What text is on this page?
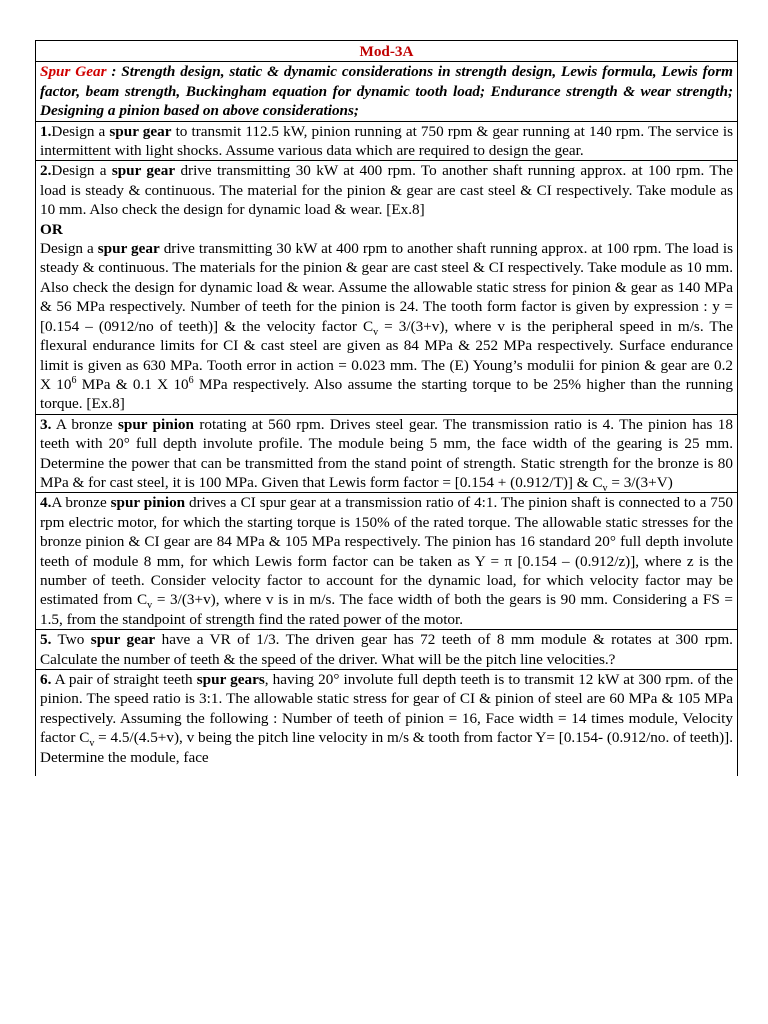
Mod-3A
Spur Gear : Strength design, static & dynamic considerations in strength design, Lewis formula, Lewis form factor, beam strength, Buckingham equation for dynamic tooth load; Endurance strength & wear strength; Designing a pinion based on above considerations;
1.Design a spur gear to transmit 112.5 kW, pinion running at 750 rpm & gear running at 140 rpm. The service is intermittent with light shocks. Assume various data which are required to design the gear.
2.Design a spur gear drive transmitting 30 kW at 400 rpm. To another shaft running approx. at 100 rpm. The load is steady & continuous. The material for the pinion & gear are cast steel & CI respectively. Take module as 10 mm. Also check the design for dynamic load & wear. [Ex.8]
OR
Design a spur gear drive transmitting 30 kW at 400 rpm to another shaft running approx. at 100 rpm. The load is steady & continuous. The materials for the pinion & gear are cast steel & CI respectively. Take module as 10 mm. Also check the design for dynamic load & wear. Assume the allowable static stress for pinion & gear as 140 MPa & 56 MPa respectively. Number of teeth for the pinion is 24. The tooth form factor is given by expression : y = [0.154 – (0912/no of teeth)] & the velocity factor $C_v = 3/(3+v)$, where v is the peripheral speed in m/s. The flexural endurance limits for CI & cast steel are given as 84 MPa & 252 MPa respectively. Surface endurance limit is given as 630 MPa. Tooth error in action = 0.023 mm. The (E) Young’s modulii for pinion & gear are 0.2 X $10^6$ MPa & 0.1 X $10^6$ MPa respectively. Also assume the starting torque to be 25% higher than the running torque. [Ex.8]
3. A bronze spur pinion rotating at 560 rpm. Drives steel gear. The transmission ratio is 4. The pinion has 18 teeth with 20° full depth involute profile. The module being 5 mm, the face width of the gearing is 25 mm. Determine the power that can be transmitted from the stand point of strength. Static strength for the bronze is 80 MPa & for cast steel, it is 100 MPa. Given that Lewis form factor = [0.154 + (0.912/T)] & $C_v = 3/(3+V)$
4.A bronze spur pinion drives a CI spur gear at a transmission ratio of 4:1. The pinion shaft is connected to a 750 rpm electric motor, for which the starting torque is 150% of the rated torque. The allowable static stresses for the bronze pinion & CI gear are 84 MPa & 105 MPa respectively. The pinion has 16 standard 20° full depth involute teeth of module 8 mm, for which Lewis form factor can be taken as Y = π [0.154 – (0.912/z)], where z is the number of teeth. Consider velocity factor to account for the dynamic load, for which velocity factor may be estimated from $C_v = 3/(3+v)$, where v is in m/s. The face width of both the gears is 90 mm. Considering a FS = 1.5, from the standpoint of strength find the rated power of the motor.
5. Two spur gear have a VR of 1/3. The driven gear has 72 teeth of 8 mm module & rotates at 300 rpm. Calculate the number of teeth & the speed of the driver. What will be the pitch line velocities.?
6. A pair of straight teeth spur gears, having 20° involute full depth teeth is to transmit 12 kW at 300 rpm. of the pinion. The speed ratio is 3:1. The allowable static stress for gear of CI & pinion of steel are 60 MPa & 105 MPa respectively. Assuming the following : Number of teeth of pinion = 16, Face width = 14 times module, Velocity factor $C_v = 4.5/(4.5+v)$, v being the pitch line velocity in m/s & tooth from factor Y= [0.154- (0.912/no. of teeth)]. Determine the module, face
